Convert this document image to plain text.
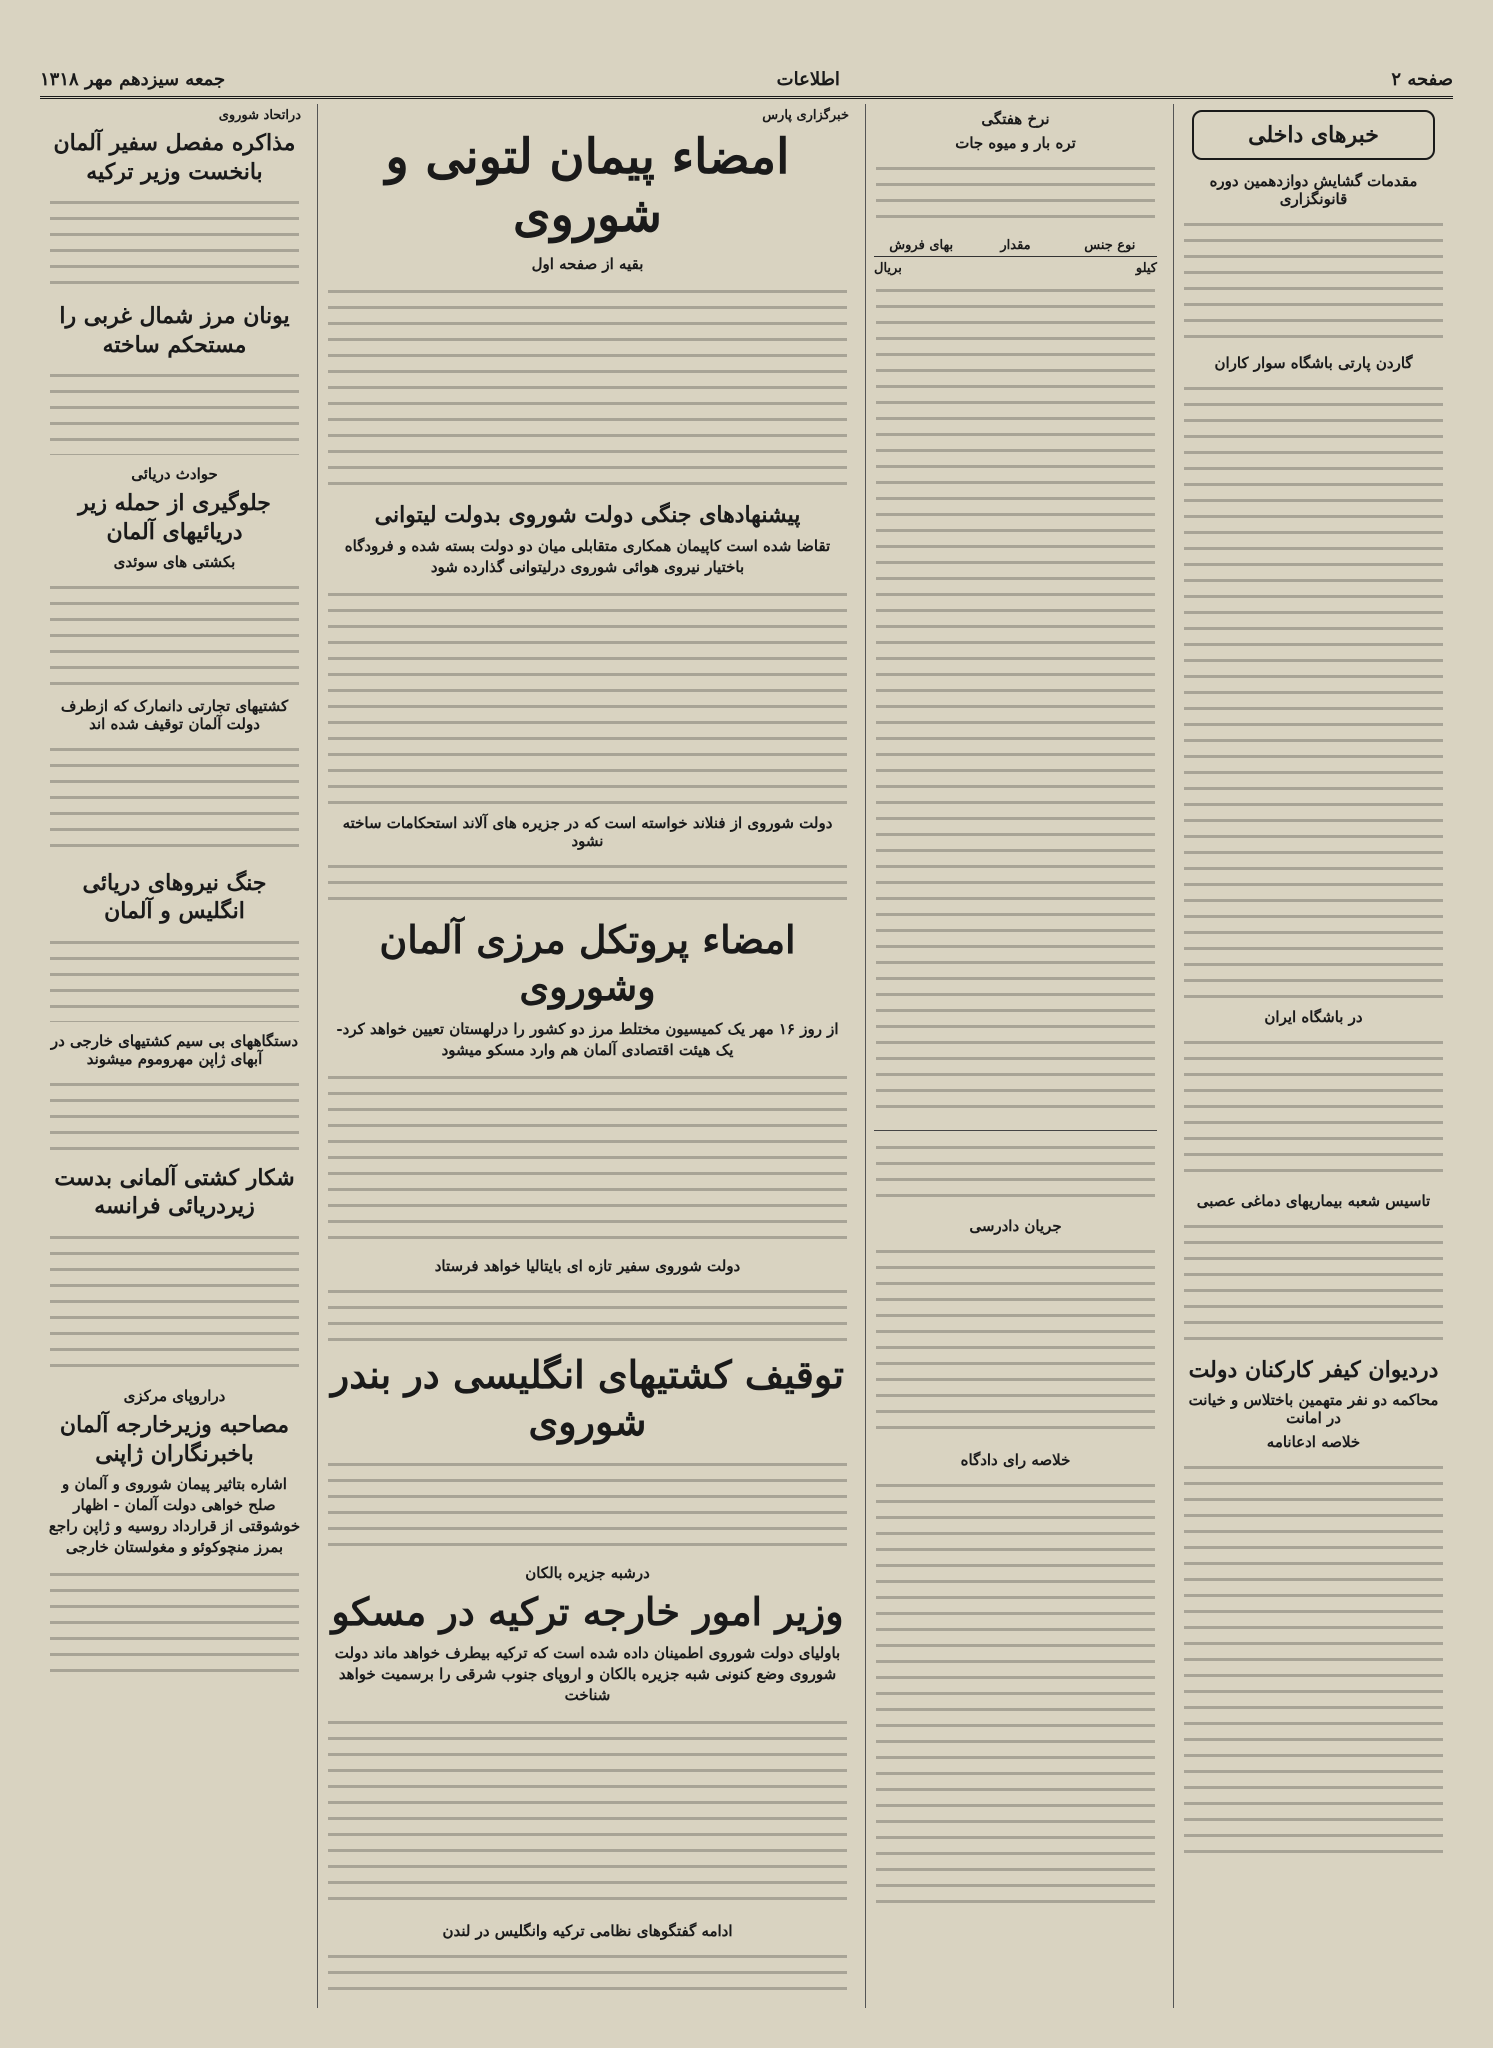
صفحه ۲
اطلاعات
جمعه سیزدهم مهر ۱۳۱۸
خبرهای داخلی
مقدمات گشایش دوازدهمین دوره قانونگزاری
گاردن پارتی باشگاه سوار کاران
در باشگاه ایران
تاسیس شعبه بیماریهای دماغی عصبی
دردیوان کیفر کارکنان دولت
محاکمه دو نفر متهمین باختلاس و خیانت در امانت
خلاصه ادعانامه
نرخ هفتگی
تره بار و میوه جات
نوع جنس
مقدار
بهای فروش
کیلو
بریال
جریان دادرسی
خلاصه رای دادگاه
خبرگزاری پارس
امضاء پیمان لتونی و شوروی
بقیه از صفحه اول
پیشنهادهای جنگی دولت شوروی بدولت لیتوانی
تقاضا شده است کاپیمان همکاری متقابلی میان دو دولت بسته شده و فرودگاه باختیار نیروی هوائی شوروی درلیتوانی گذارده شود
دولت شوروی از فنلاند خواسته است که در جزیره های آلاند استحکامات ساخته نشود
امضاء پروتکل مرزی آلمان وشوروی
از روز ۱۶ مهر یک کمیسیون مختلط مرز دو کشور را درلهستان تعیین خواهد کرد- یک هیئت اقتصادی آلمان هم وارد مسکو میشود
دولت شوروی سفیر تازه ای بایتالیا خواهد فرستاد
توقیف کشتیهای انگلیسی در بندر شوروی
درشبه جزیره بالکان
وزیر امور خارجه ترکیه در مسکو
باولیای دولت شوروی اطمینان داده شده است که ترکیه بیطرف خواهد ماند دولت شوروی وضع کنونی شبه جزیره بالکان و اروپای جنوب شرقی را برسمیت خواهد شناخت
ادامه گفتگوهای نظامی ترکیه وانگلیس در لندن
دراتحاد شوروی
مذاکره مفصل سفیر آلمان بانخست وزیر ترکیه
یونان مرز شمال غربی را مستحکم ساخته
حوادث دریائی
جلوگیری از حمله زیر دریائیهای آلمان
بکشتی های سوئدی
کشتیهای تجارتی دانمارک که ازطرف دولت آلمان توقیف شده اند
جنگ نیروهای دریائی انگلیس و آلمان
دستگاههای بی سیم کشتیهای خارجی در آبهای ژاپن مهروموم میشوند
شکار کشتی آلمانی بدست زیردریائی فرانسه
دراروپای مرکزی
مصاحبه وزیرخارجه آلمان باخبرنگاران ژاپنی
اشاره بتاثیر پیمان شوروی و آلمان و صلح خواهی دولت آلمان - اظهار خوشوقتی از قرارداد روسیه و ژاپن راجع بمرز منچوکوئو و مغولستان خارجی
